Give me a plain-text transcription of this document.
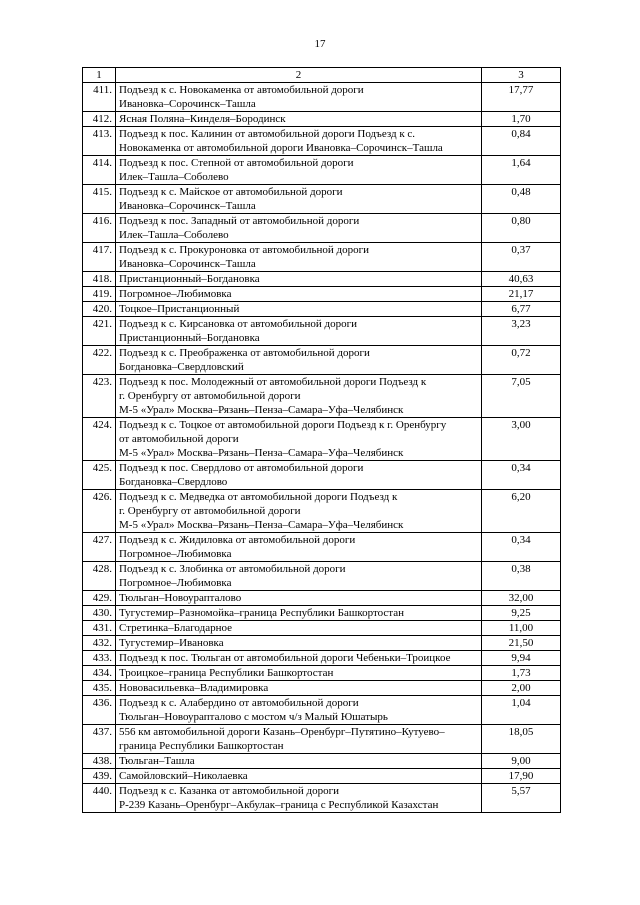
17
1	2	3
411.	Подъезд к с. Новокаменка от автомобильной дороги
Ивановка–Сорочинск–Ташла	17,77
412.	Ясная Поляна–Кинделя–Бородинск	1,70
413.	Подъезд к пос. Калинин от автомобильной дороги Подъезд к с.
Новокаменка от автомобильной дороги Ивановка–Сорочинск–Ташла	0,84
414.	Подъезд к пос. Степной от автомобильной дороги
Илек–Ташла–Соболево	1,64
415.	Подъезд к с. Майское от автомобильной дороги
Ивановка–Сорочинск–Ташла	0,48
416.	Подъезд к пос. Западный от автомобильной дороги
Илек–Ташла–Соболево	0,80
417.	Подъезд к с. Прокуроновка от автомобильной дороги
Ивановка–Сорочинск–Ташла	0,37
418.	Пристанционный–Богдановка	40,63
419.	Погромное–Любимовка	21,17
420.	Тоцкое–Пристанционный	6,77
421.	Подъезд к с. Кирсановка от автомобильной дороги
Пристанционный–Богдановка	3,23
422.	Подъезд к с. Преображенка от автомобильной дороги
Богдановка–Свердловский	0,72
423.	Подъезд к пос. Молодежный от автомобильной дороги Подъезд к
г. Оренбургу от автомобильной дороги
М-5 «Урал» Москва–Рязань–Пенза–Самара–Уфа–Челябинск	7,05
424.	Подъезд к с. Тоцкое от автомобильной дороги Подъезд к г. Оренбургу
от автомобильной дороги
М-5 «Урал» Москва–Рязань–Пенза–Самара–Уфа–Челябинск	3,00
425.	Подъезд к пос. Свердлово от автомобильной дороги
Богдановка–Свердлово	0,34
426.	Подъезд к с. Медведка от автомобильной дороги Подъезд к
г. Оренбургу от автомобильной дороги
М-5 «Урал» Москва–Рязань–Пенза–Самара–Уфа–Челябинск	6,20
427.	Подъезд к с. Жидиловка от автомобильной дороги
Погромное–Любимовка	0,34
428.	Подъезд к с. Злобинка от автомобильной дороги
Погромное–Любимовка	0,38
429.	Тюльган–Новоурапталово	32,00
430.	Тугустемир–Разномойка–граница Республики Башкортостан	9,25
431.	Стретинка–Благодарное	11,00
432.	Тугустемир–Ивановка	21,50
433.	Подъезд к пос. Тюльган от автомобильной дороги Чебеньки–Троицкое	9,94
434.	Троицкое–граница Республики Башкортостан	1,73
435.	Нововасильевка–Владимировка	2,00
436.	Подъезд к с. Алабердино от автомобильной дороги
Тюльган–Новоурапталово с мостом ч/з Малый Юшатырь	1,04
437.	556 км автомобильной дороги Казань–Оренбург–Путятино–Кутуево–
граница Республики Башкортостан	18,05
438.	Тюльган–Ташла	9,00
439.	Самойловский–Николаевка	17,90
440.	Подъезд к с. Казанка от автомобильной дороги
Р-239 Казань–Оренбург–Акбулак–граница с Республикой Казахстан	5,57
